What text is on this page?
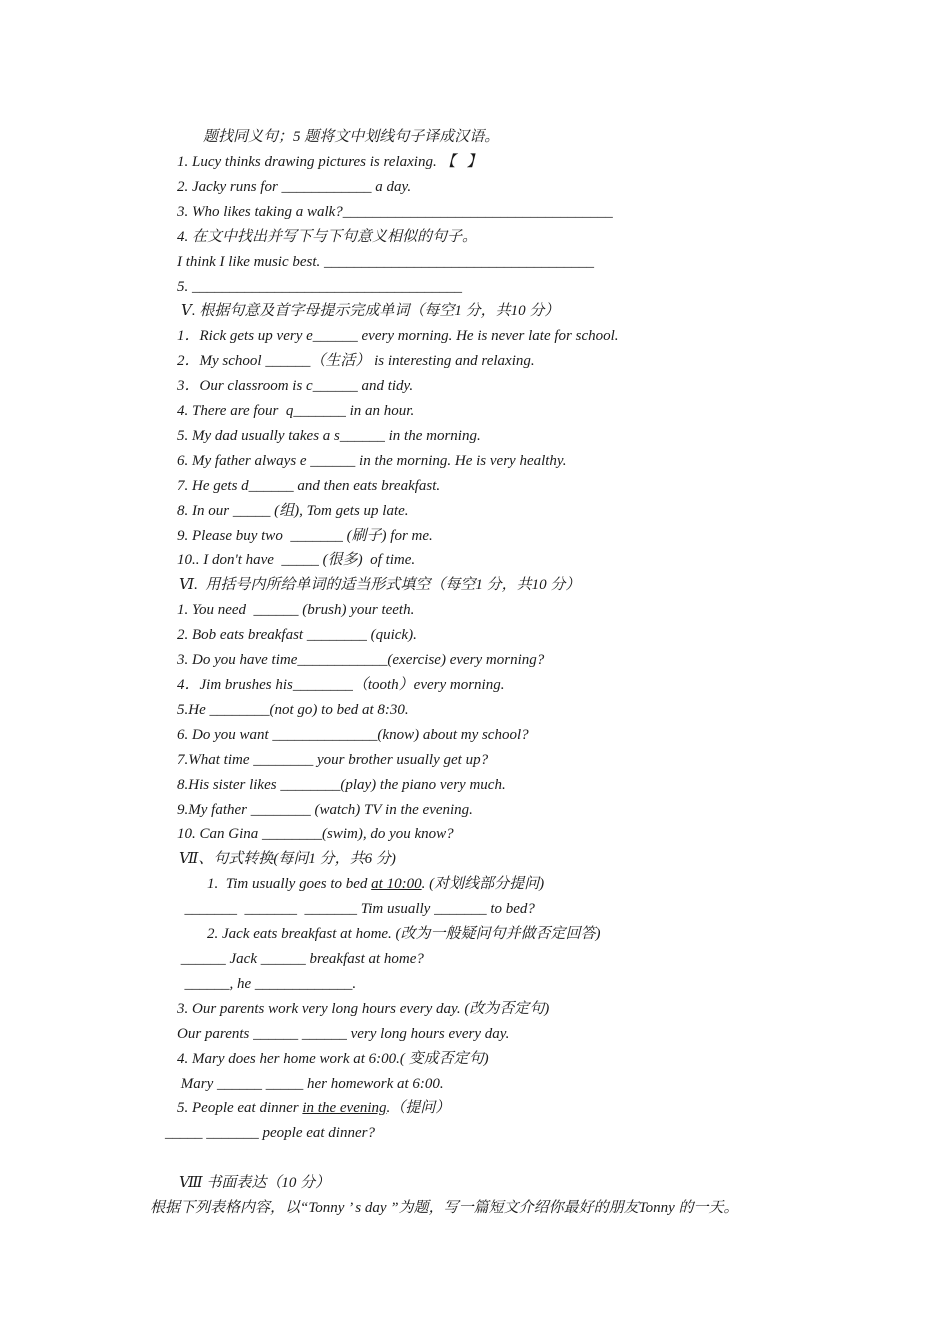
题找同义句；5 题将文中划线句子译成汉语。
1. Lucy thinks drawing pictures is relaxing. 【   】
2. Jacky runs for ____________ a day.
3. Who likes taking a walk?____________________________________
4. 在文中找出并写下与下句意义相似的句子。
I think I like music best. ____________________________________
5. ____________________________________
Ⅴ. 根据句意及首字母提示完成单词（每空1 分，共10 分）
1．Rick gets up very e______ every morning. He is never late for school.
2．My school ______（生活） is interesting and relaxing.
3．Our classroom is c______ and tidy.
4. There are four  q_______ in an hour.
5. My dad usually takes a s______ in the morning.
6. My father always e ______ in the morning. He is very healthy.
7. He gets d______ and then eats breakfast.
8. In our _____ (组), Tom gets up late.
9. Please buy two  _______ (刷子) for me.
10.. I don't have  _____ (很多)  of time.
Ⅵ.  用括号内所给单词的适当形式填空（每空1 分，共10 分）
1. You need  ______ (brush) your teeth.
2. Bob eats breakfast ________ (quick).
3. Do you have time____________(exercise) every morning?
4．Jim brushes his________（tooth）every morning.
5.He ________(not go) to bed at 8:30.
6. Do you want ______________(know) about my school?
7.What time ________ your brother usually get up?
8.His sister likes ________(play) the piano very much.
9.My father ________ (watch) TV in the evening.
10. Can Gina ________(swim), do you know?
Ⅶ、句式转换(每问1 分，共6 分)
1.  Tim usually goes to bed at 10:00. (对划线部分提问)
_______  _______  _______ Tim usually _______ to bed?
2. Jack eats breakfast at home. (改为一般疑问句并做否定回答)
______ Jack ______ breakfast at home?
______, he _____________.
3. Our parents work very long hours every day. (改为否定句)
Our parents ______ ______ very long hours every day.
4. Mary does her home work at 6:00.( 变成否定句)
Mary ______ _____ her homework at 6:00.
5. People eat dinner in the evening.（提问）
_____ _______ people eat dinner?
Ⅷ 书面表达（10 分）
根据下列表格内容，以“Tonny ’ s day ”为题，写一篇短文介绍你最好的朋友Tonny 的一天。
